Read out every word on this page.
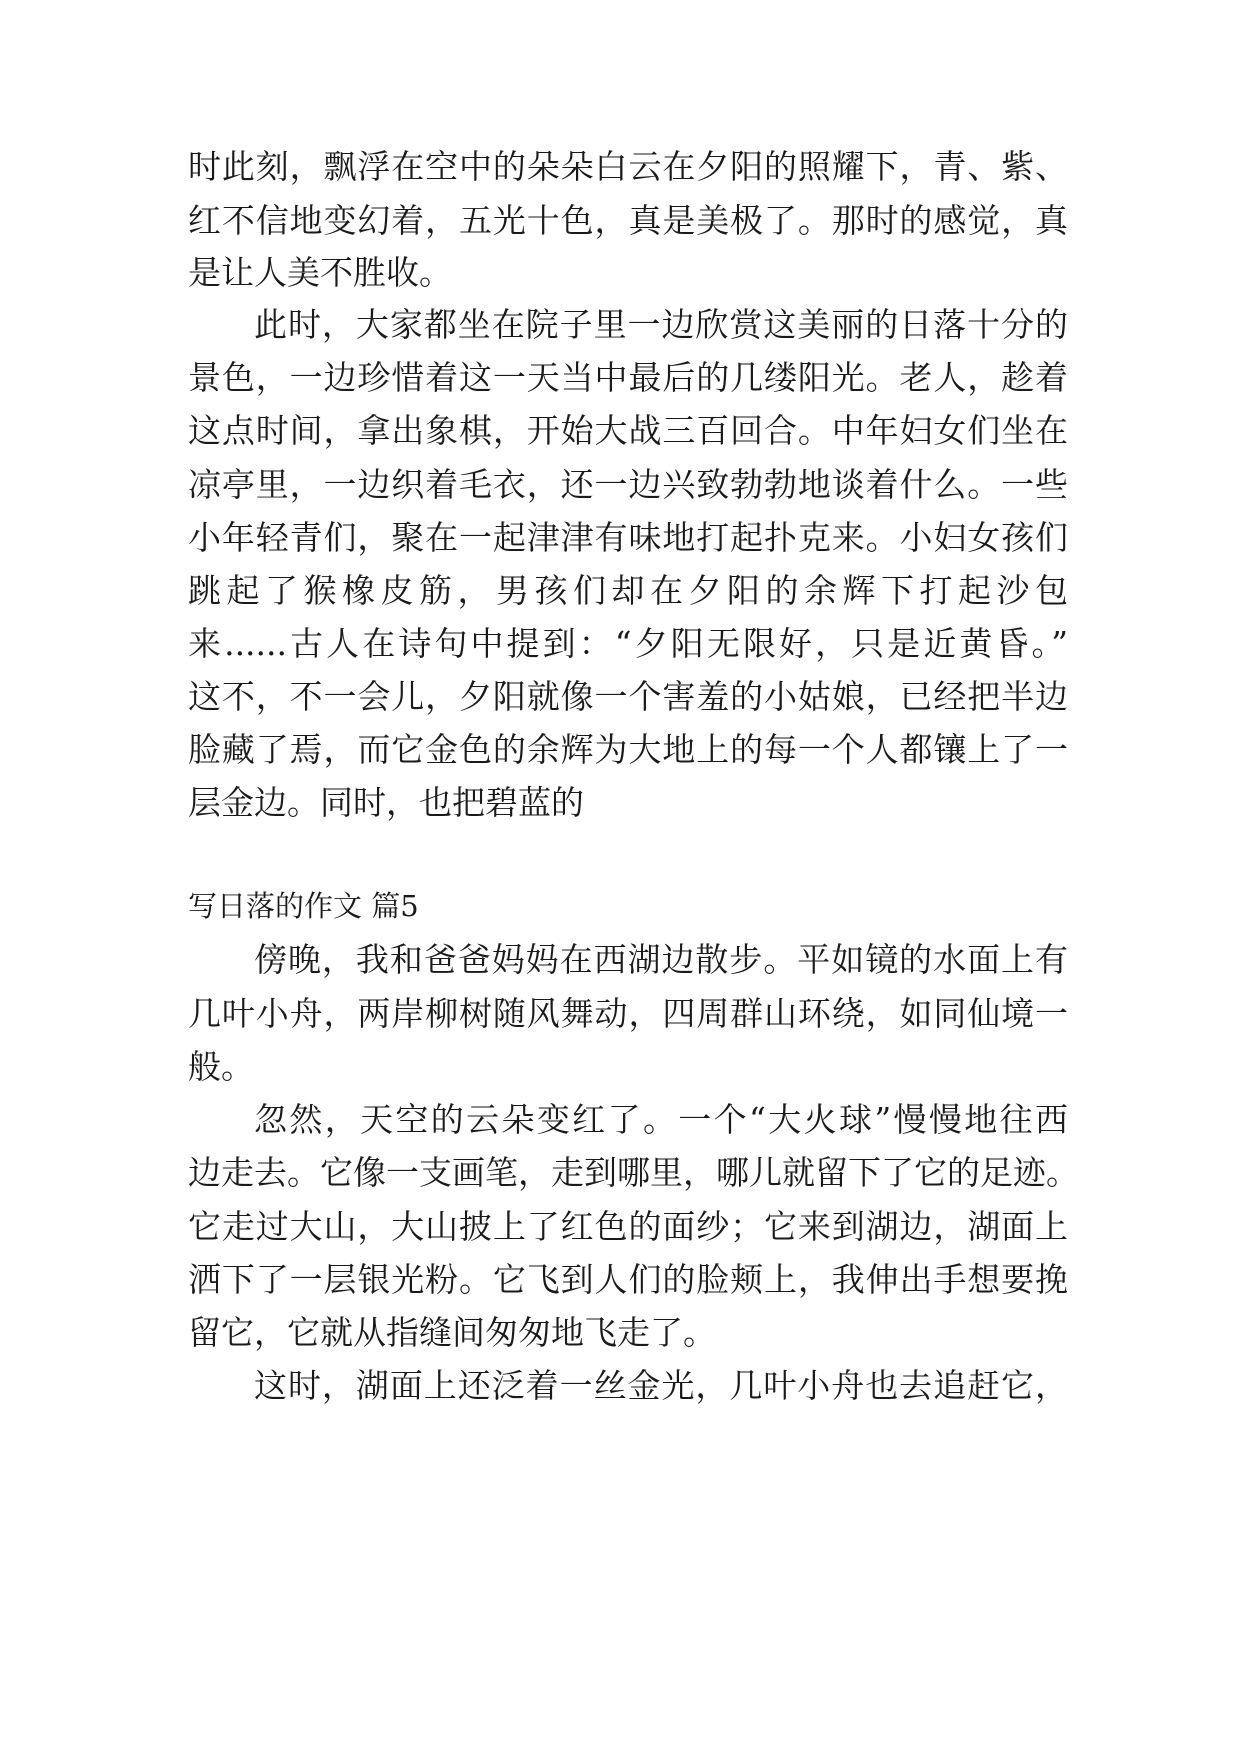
时此刻，飘浮在空中的朵朵白云在夕阳的照耀下，青、紫、
红不信地变幻着，五光十色，真是美极了。那时的感觉，真
是让人美不胜收。
此时，大家都坐在院子里一边欣赏这美丽的日落十分的
景色，一边珍惜着这一天当中最后的几缕阳光。老人，趁着
这点时间，拿出象棋，开始大战三百回合。中年妇女们坐在
凉亭里，一边织着毛衣，还一边兴致勃勃地谈着什么。一些
小年轻青们，聚在一起津津有味地打起扑克来。小妇女孩们
跳起了猴橡皮筋，男孩们却在夕阳的余辉下打起沙包
来......古人在诗句中提到：“夕阳无限好，只是近黄昏。”
这不，不一会儿，夕阳就像一个害羞的小姑娘，已经把半边
脸藏了焉，而它金色的余辉为大地上的每一个人都镶上了一
层金边。同时，也把碧蓝的
写日落的作文 篇5
傍晚，我和爸爸妈妈在西湖边散步。平如镜的水面上有
几叶小舟，两岸柳树随风舞动，四周群山环绕，如同仙境一
般。
忽然，天空的云朵变红了。一个“大火球”慢慢地往西
边走去。它像一支画笔，走到哪里，哪儿就留下了它的足迹。
它走过大山，大山披上了红色的面纱；它来到湖边，湖面上
洒下了一层银光粉。它飞到人们的脸颊上，我伸出手想要挽
留它，它就从指缝间匆匆地飞走了。
这时，湖面上还泛着一丝金光，几叶小舟也去追赶它，
